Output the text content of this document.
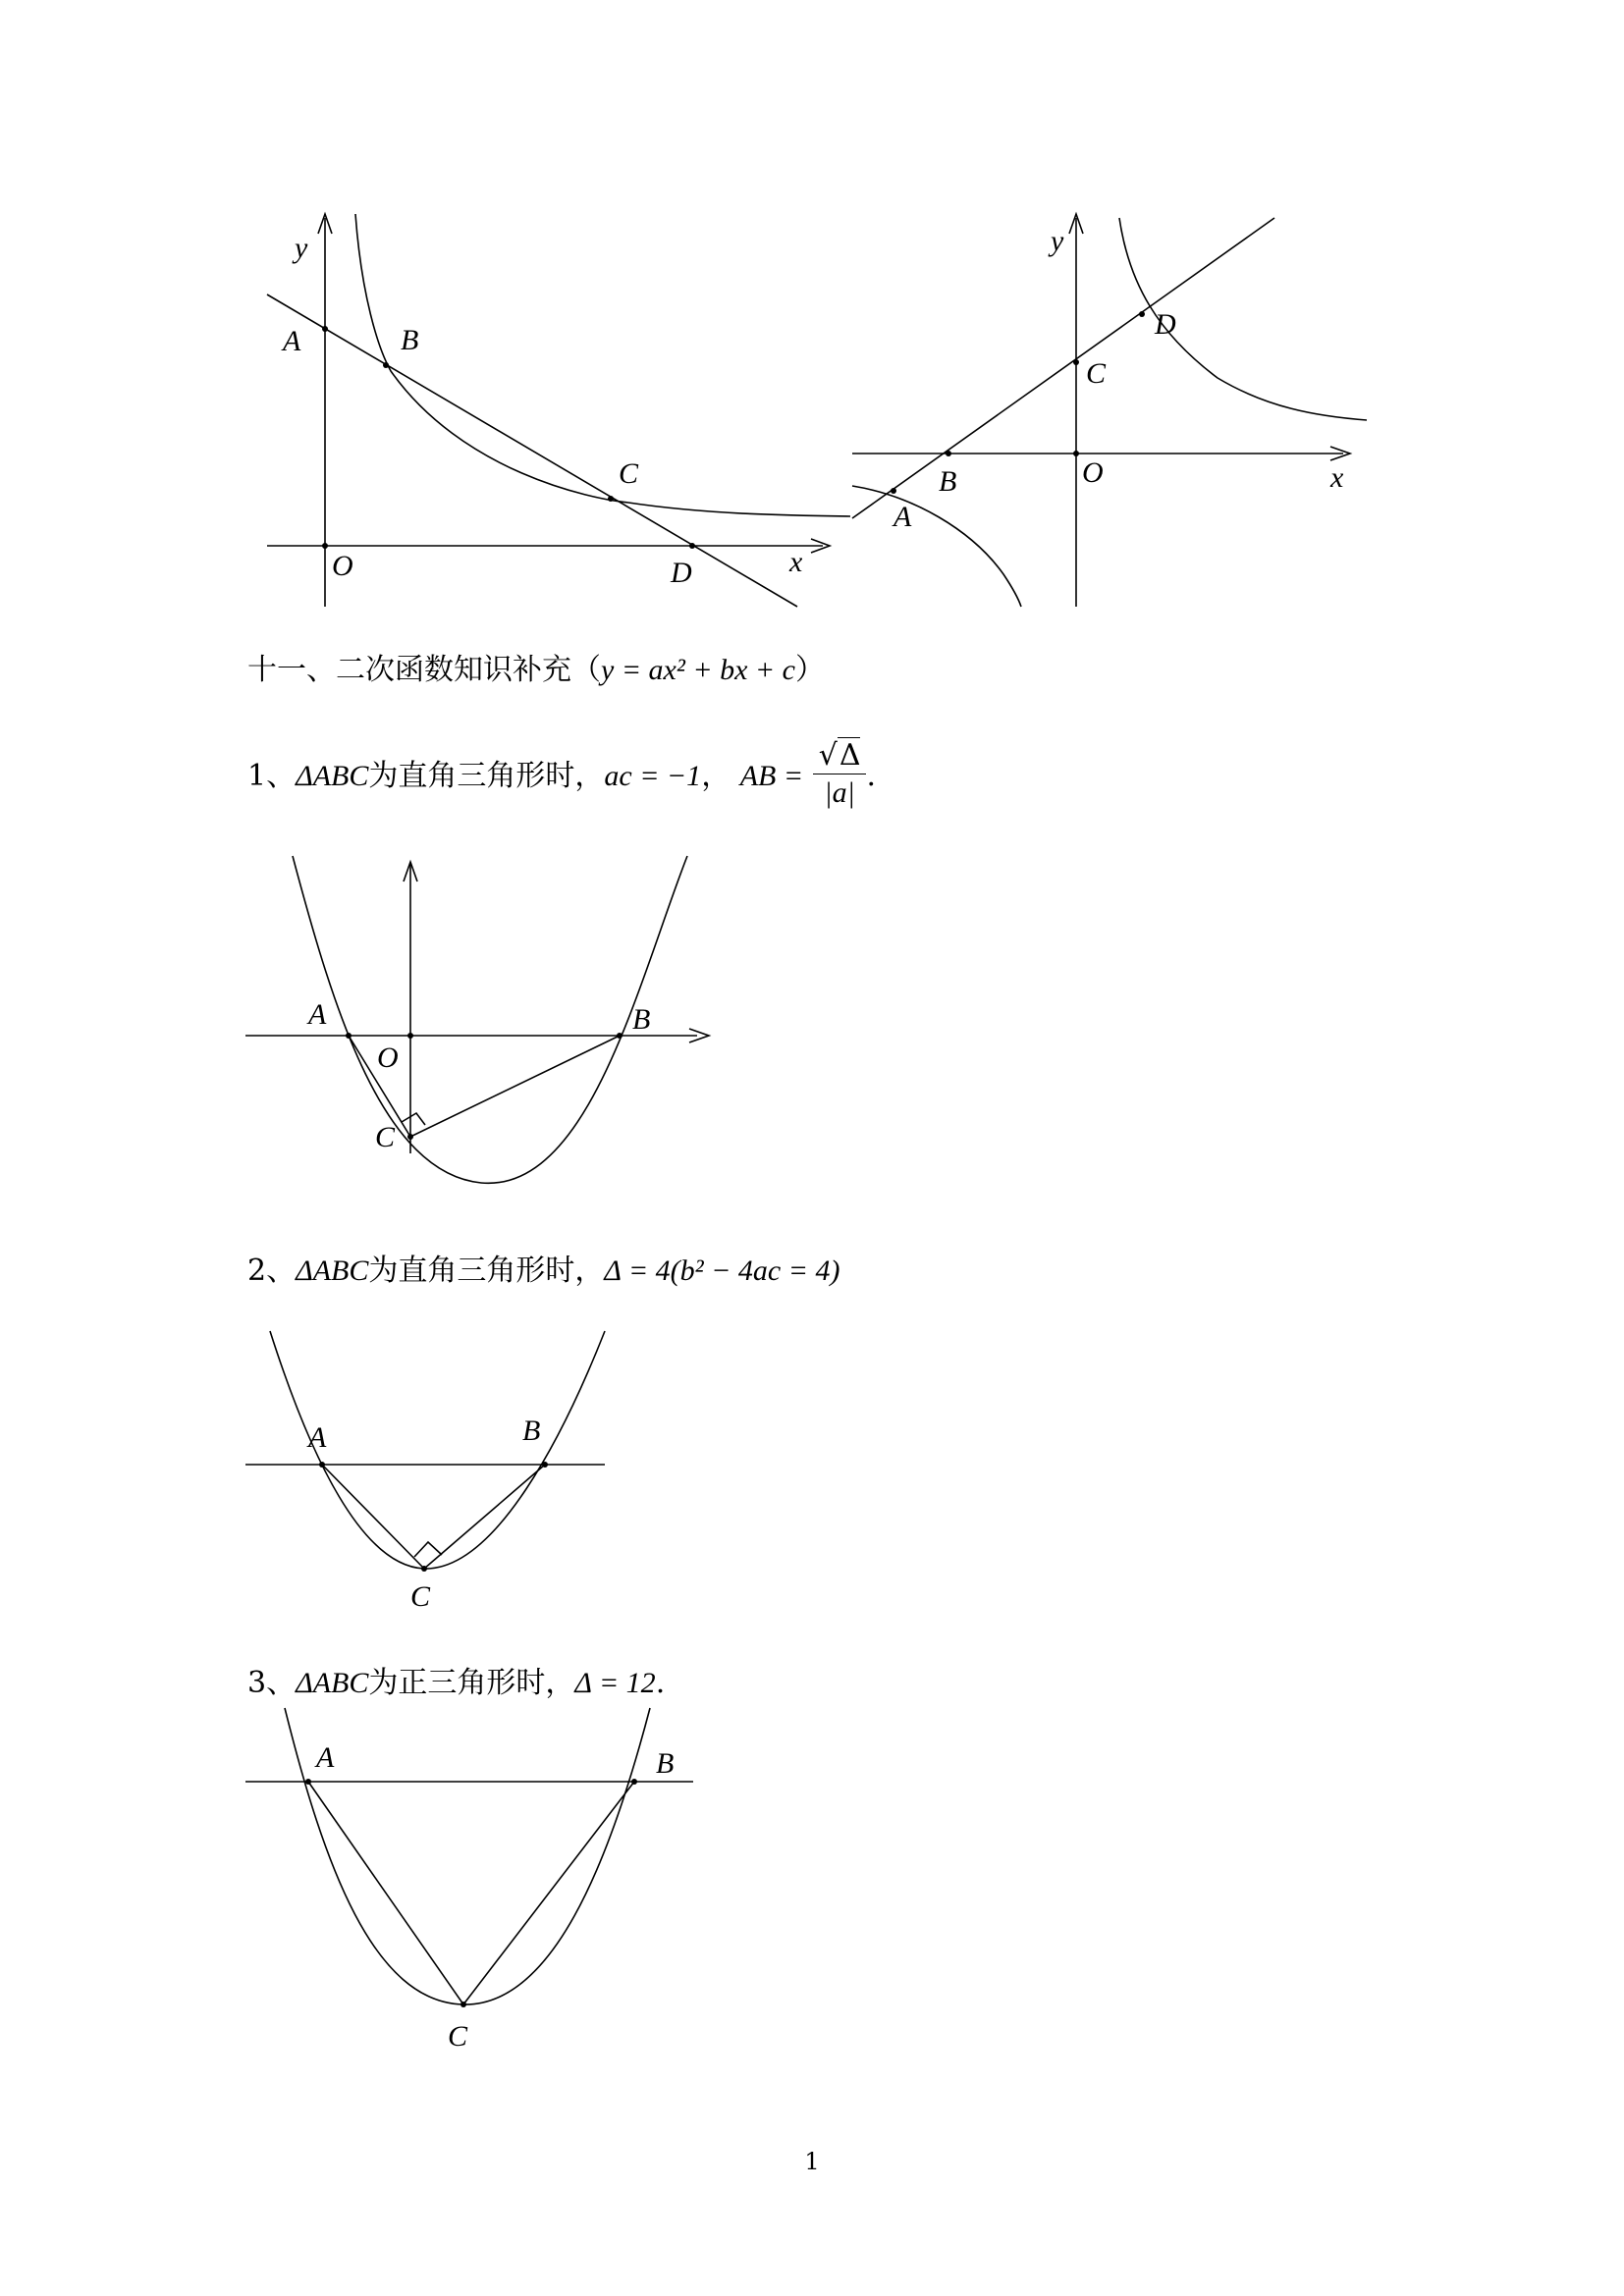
y
x
O
A	B
C
D
y
x
O
A
B
C
D
A	B
C
O
A	B
C
A	B
C
十一、二次函数知识补充（y = ax² + bx + c）
1、ΔABC为直角三角形时，ac = −1， AB = $\frac{√\Delta}{|a|}$ .
2、ΔABC为直角三角形时，Δ = 4(b² − 4ac = 4)
3、ΔABC为正三角形时，Δ = 12.
1
